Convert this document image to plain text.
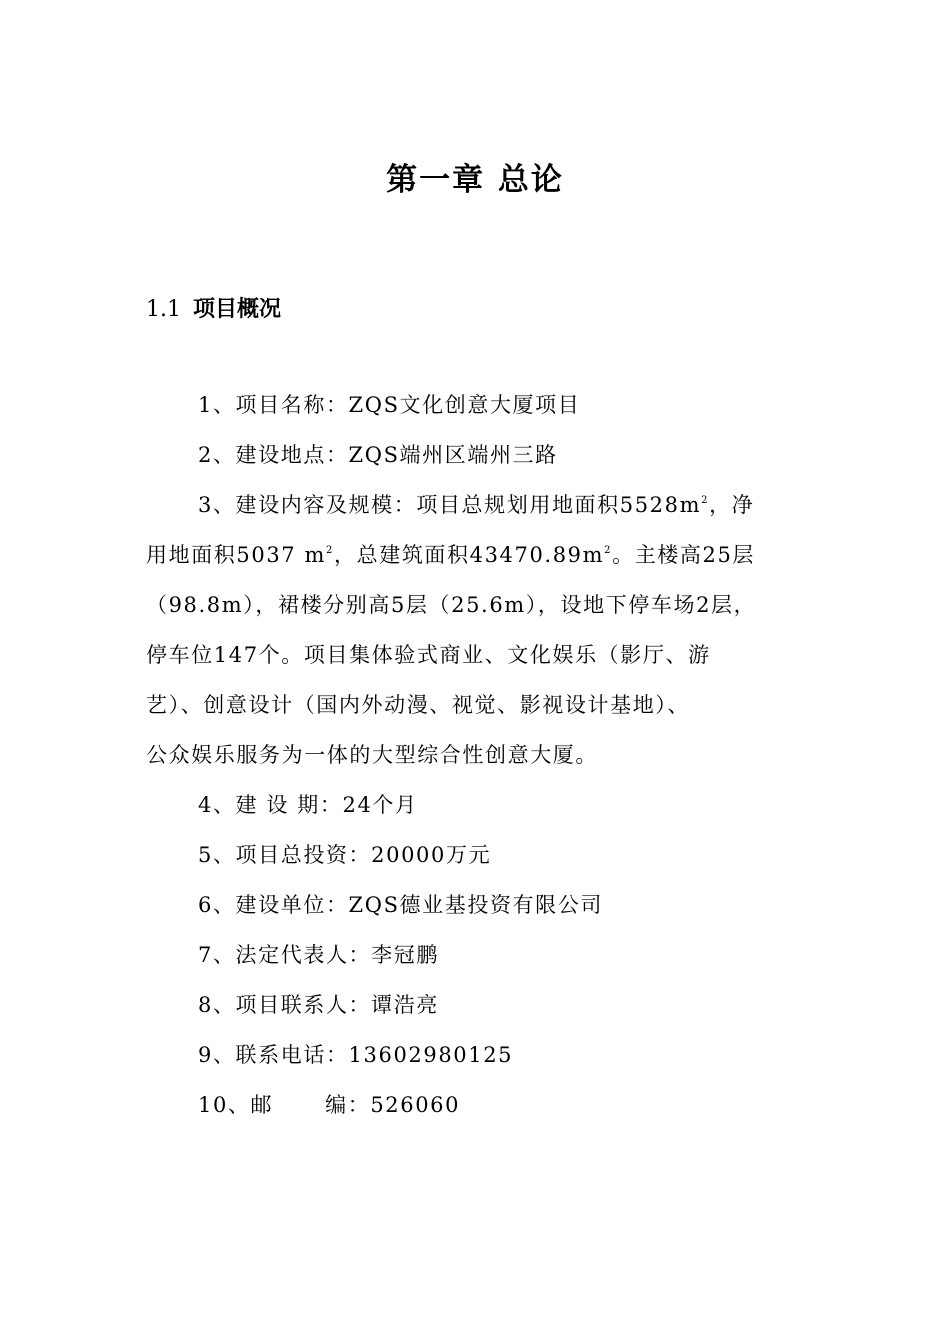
第一章 总论
1.1 项目概况

1、项目名称：ZQS文化创意大厦项目

2、建设地点：ZQS端州区端州三路

3、建设内容及规模：项目总规划用地面积$5528m^2$，净
用地面积5037 $m^2$，总建筑面积$43470.89m^2$。主楼高25层
（98.8m），裙楼分别高5层（25.6m），设地下停车场2层，
停车位147个。项目集体验式商业、文化娱乐（影厅、游
艺）、创意设计（国内外动漫、视觉、影视设计基地）、
公众娱乐服务为一体的大型综合性创意大厦。

4、建 设 期：24个月

5、项目总投资：20000万元

6、建设单位：ZQS德业基投资有限公司

7、法定代表人：李冠鹏

8、项目联系人：谭浩亮

9、联系电话：13602980125

10、邮 编：526060
